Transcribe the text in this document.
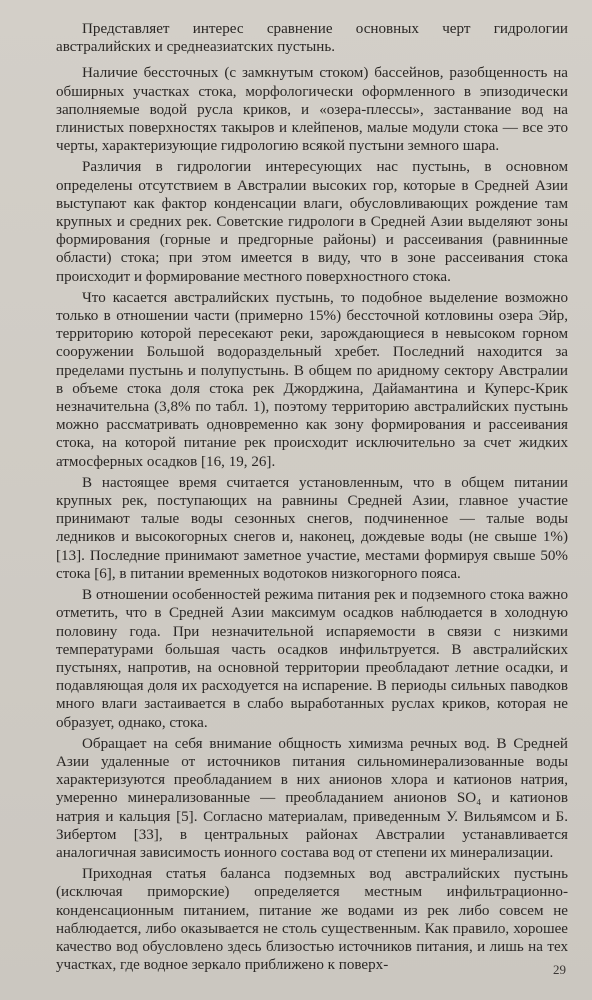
Представляет интерес сравнение основных черт гидрологии австралийских и среднеазиатских пустынь.

Наличие бессточных (с замкнутым стоком) бассейнов, разобщенность на обширных участках стока, морфологически оформленного в эпизодически заполняемые водой русла криков, и «озера-плессы», застанвание вод на глинистых поверхностях такыров и клейпенов, малые модули стока — все это черты, характеризующие гидрологию всякой пустыни земного шара.

Различия в гидрологии интересующих нас пустынь, в основном определены отсутствием в Австралии высоких гор, которые в Средней Азии выступают как фактор конденсации влаги, обусловливающих рождение там крупных и средних рек. Советские гидрологи в Средней Азии выделяют зоны формирования (горные и предгорные районы) и рассеивания (равнинные области) стока; при этом имеется в виду, что в зоне рассеивания стока происходит и формирование местного поверхностного стока.

Что касается австралийских пустынь, то подобное выделение возможно только в отношении части (примерно 15%) бессточной котловины озера Эйр, территорию которой пересекают реки, зарождающиеся в невысоком горном сооружении Большой водораздельный хребет. Последний находится за пределами пустынь и полупустынь. В общем по аридному сектору Австралии в объеме стока доля стока рек Джорджина, Дайамантина и Куперс-Крик незначительна (3,8% по табл. 1), поэтому территорию австралийских пустынь можно рассматривать одновременно как зону формирования и рассеивания стока, на которой питание рек происходит исключительно за счет жидких атмосферных осадков [16, 19, 26].

В настоящее время считается установленным, что в общем питании крупных рек, поступающих на равнины Средней Азии, главное участие принимают талые воды сезонных снегов, подчиненное — талые воды ледников и высокогорных снегов и, наконец, дождевые воды (не свыше 1%) [13]. Последние принимают заметное участие, местами формируя свыше 50% стока [6], в питании временных водотоков низкогорного пояса.

В отношении особенностей режима питания рек и подземного стока важно отметить, что в Средней Азии максимум осадков наблюдается в холодную половину года. При незначительной испаряемости в связи с низкими температурами большая часть осадков инфильтруется. В австралийских пустынях, напротив, на основной территории преобладают летние осадки, и подавляющая доля их расходуется на испарение. В периоды сильных паводков много влаги застаивается в слабо выработанных руслах криков, которая не образует, однако, стока.

Обращает на себя внимание общность химизма речных вод. В Средней Азии удаленные от источников питания сильноминерализованные воды характеризуются преобладанием в них анионов хлора и катионов натрия, умеренно минерализованные — преобладанием анионов SO₄ и катионов натрия и кальция [5]. Согласно материалам, приведенным У. Вильямсом и Б. Зибертом [33], в центральных районах Австралии устанавливается аналогичная зависимость ионного состава вод от степени их минерализации.

Приходная статья баланса подземных вод австралийских пустынь (исключая приморские) определяется местным инфильтрационно-конденсационным питанием, питание же водами из рек либо совсем не наблюдается, либо оказывается не столь существенным. Как правило, хорошее качество вод обусловлено здесь близостью источников питания, и лишь на тех участках, где водное зеркало приближено к поверх-	29
